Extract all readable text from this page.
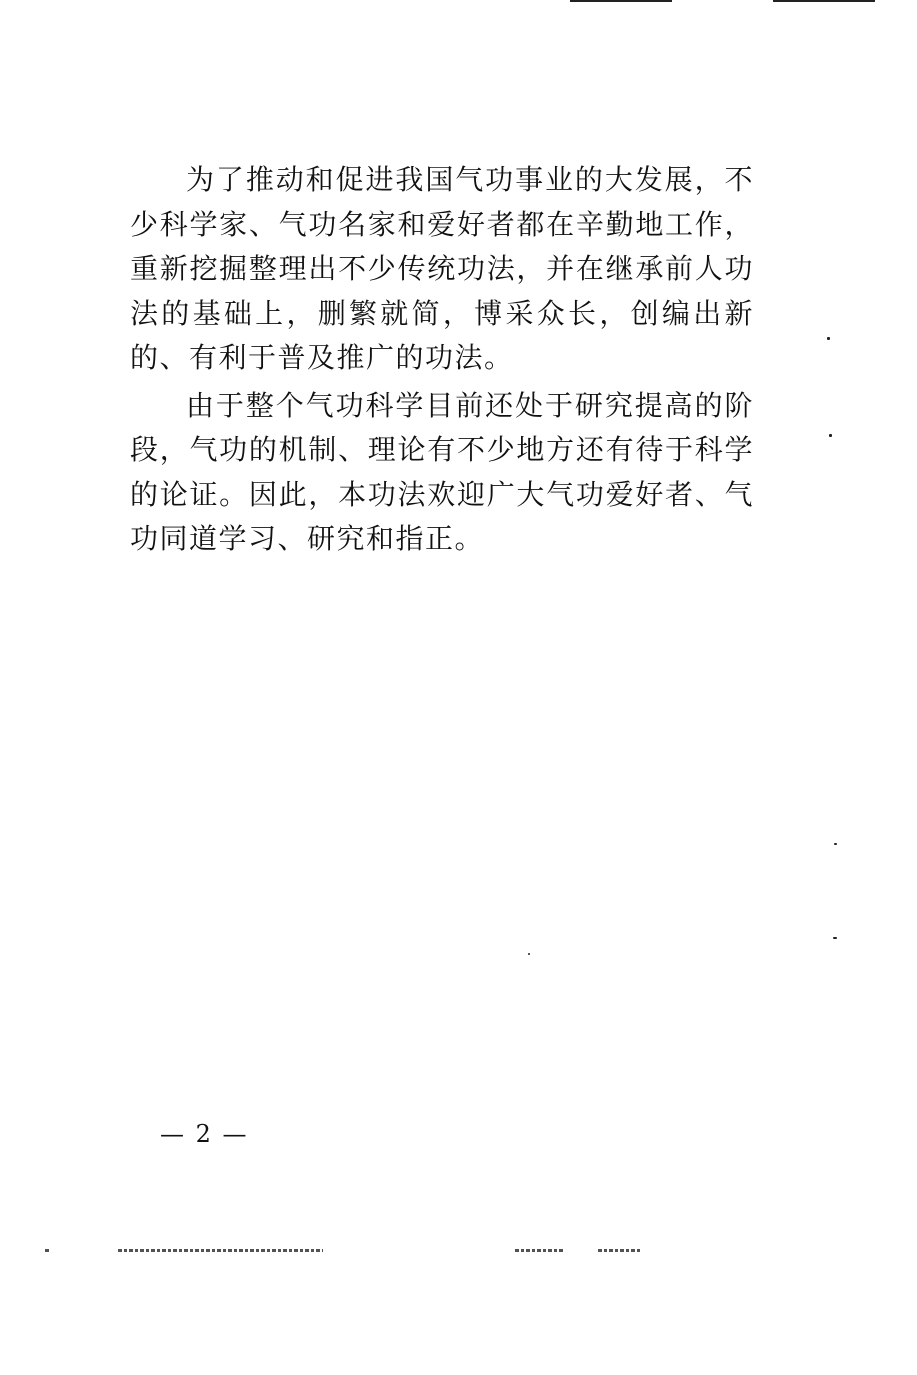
为了推动和促进我国气功事业的大发展，不少科学家、气功名家和爱好者都在辛勤地工作，重新挖掘整理出不少传统功法，并在继承前人功法的基础上，删繁就简，博采众长，创编出新的、有利于普及推广的功法。

由于整个气功科学目前还处于研究提高的阶段，气功的机制、理论有不少地方还有待于科学的论证。因此，本功法欢迎广大气功爱好者、气功同道学习、研究和指正。

— 2 —
